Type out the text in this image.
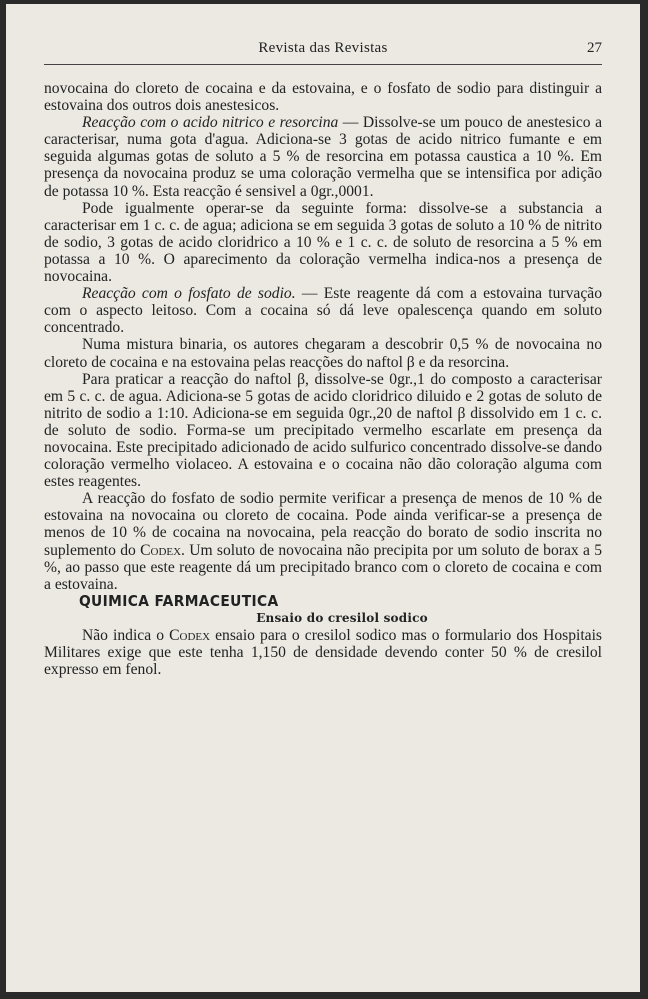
Revista das Revistas	27

novocaina do cloreto de cocaina e da estovaina, e o fosfato de sodio para distinguir a estovaina dos outros dois anestesicos.

Reacção com o acido nitrico e resorcina — Dissolve-se um pouco de anestesico a caracterisar, numa gota d'agua. Adiciona-se 3 gotas de acido nitrico fumante e em seguida algumas gotas de soluto a 5 % de resorcina em potassa caustica a 10 %. Em presença da novocaina produz se uma coloração vermelha que se intensifica por adição de potassa 10 %. Esta reacção é sensivel a 0gr.,0001.

Pode igualmente operar-se da seguinte forma: dissolve-se a substancia a caracterisar em 1 c. c. de agua; adiciona se em seguida 3 gotas de soluto a 10 % de nitrito de sodio, 3 gotas de acido cloridrico a 10 % e 1 c. c. de soluto de resorcina a 5 % em potassa a 10 %. O aparecimento da coloração vermelha indica-nos a presença de novocaina.

Reacção com o fosfato de sodio. — Este reagente dá com a estovaina turvação com o aspecto leitoso. Com a cocaina só dá leve opalescença quando em soluto concentrado.

Numa mistura binaria, os autores chegaram a descobrir 0,5 % de novocaina no cloreto de cocaina e na estovaina pelas reacções do naftol β e da resorcina.

Para praticar a reacção do naftol β, dissolve-se 0gr.,1 do composto a caracterisar em 5 c. c. de agua. Adiciona-se 5 gotas de acido cloridrico diluido e 2 gotas de soluto de nitrito de sodio a 1:10. Adiciona-se em seguida 0gr.,20 de naftol β dissolvido em 1 c. c. de soluto de sodio. Forma-se um precipitado vermelho escarlate em presença da novocaina. Este precipitado adicionado de acido sulfurico concentrado dissolve-se dando coloração vermelho violaceo. A estovaina e o cocaina não dão coloração alguma com estes reagentes.

A reacção do fosfato de sodio permite verificar a presença de menos de 10 % de estovaina na novocaina ou cloreto de cocaina. Pode ainda verificar-se a presença de menos de 10 % de cocaina na novocaina, pela reacção do borato de sodio inscrita no suplemento do Codex. Um soluto de novocaina não precipita por um soluto de borax a 5 %, ao passo que este reagente dá um precipitado branco com o cloreto de cocaina e com a estovaina.

QUIMICA FARMACEUTICA

Ensaio do cresilol sodico

Não indica o Codex ensaio para o cresilol sodico mas o formulario dos Hospitais Militares exige que este tenha 1,150 de densidade devendo conter 50 % de cresilol expresso em fenol.
